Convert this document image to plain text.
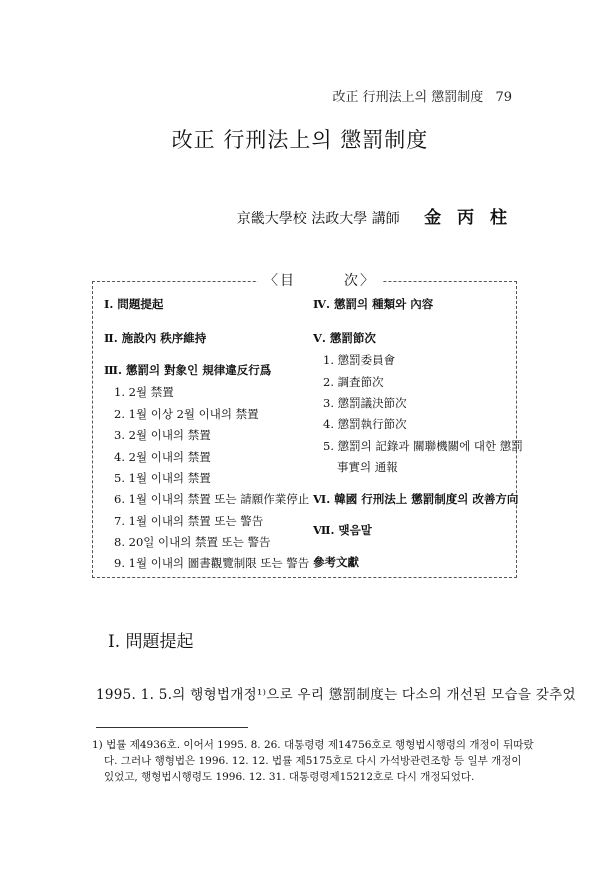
改正 行刑法上의 懲罰制度 79
改正 行刑法上의 懲罰制度
京畿大學校 法政大學 講師 金 丙 柱
〈目	次〉
Ⅰ. 問題提起
Ⅱ. 施設內 秩序維持
Ⅲ. 懲罰의 對象인 規律違反行爲
1. 2월 禁置
2. 1월 이상 2월 이내의 禁置
3. 2월 이내의 禁置
4. 2월 이내의 禁置
5. 1월 이내의 禁置
6. 1월 이내의 禁置 또는 請願作業停止
7. 1월 이내의 禁置 또는 警告
8. 20일 이내의 禁置 또는 警告
9. 1월 이내의 圖書觀覽制限 또는 警告
Ⅳ. 懲罰의 種類와 內容
Ⅴ. 懲罰節次
1. 懲罰委員會
2. 調査節次
3. 懲罰議決節次
4. 懲罰執行節次
5. 懲罰의 記錄과 關聯機關에 대한 懲罰
事實의 通報
Ⅵ. 韓國 行刑法上 懲罰制度의 改善方向
Ⅶ. 맺음말
參考文獻
Ⅰ. 問題提起
1995. 1. 5.의 행형법개정¹⁾으로 우리 懲罰制度는 다소의 개선된 모습을 갖추었
1) 법률 제4936호. 이어서 1995. 8. 26. 대통령령 제14756호로 행형법시행령의 개정이 뒤따랐
다. 그러나 행형법은 1996. 12. 12. 법률 제5175호로 다시 가석방관련조항 등 일부 개정이
있었고, 행형법시행령도 1996. 12. 31. 대통령령제15212호로 다시 개정되었다.
